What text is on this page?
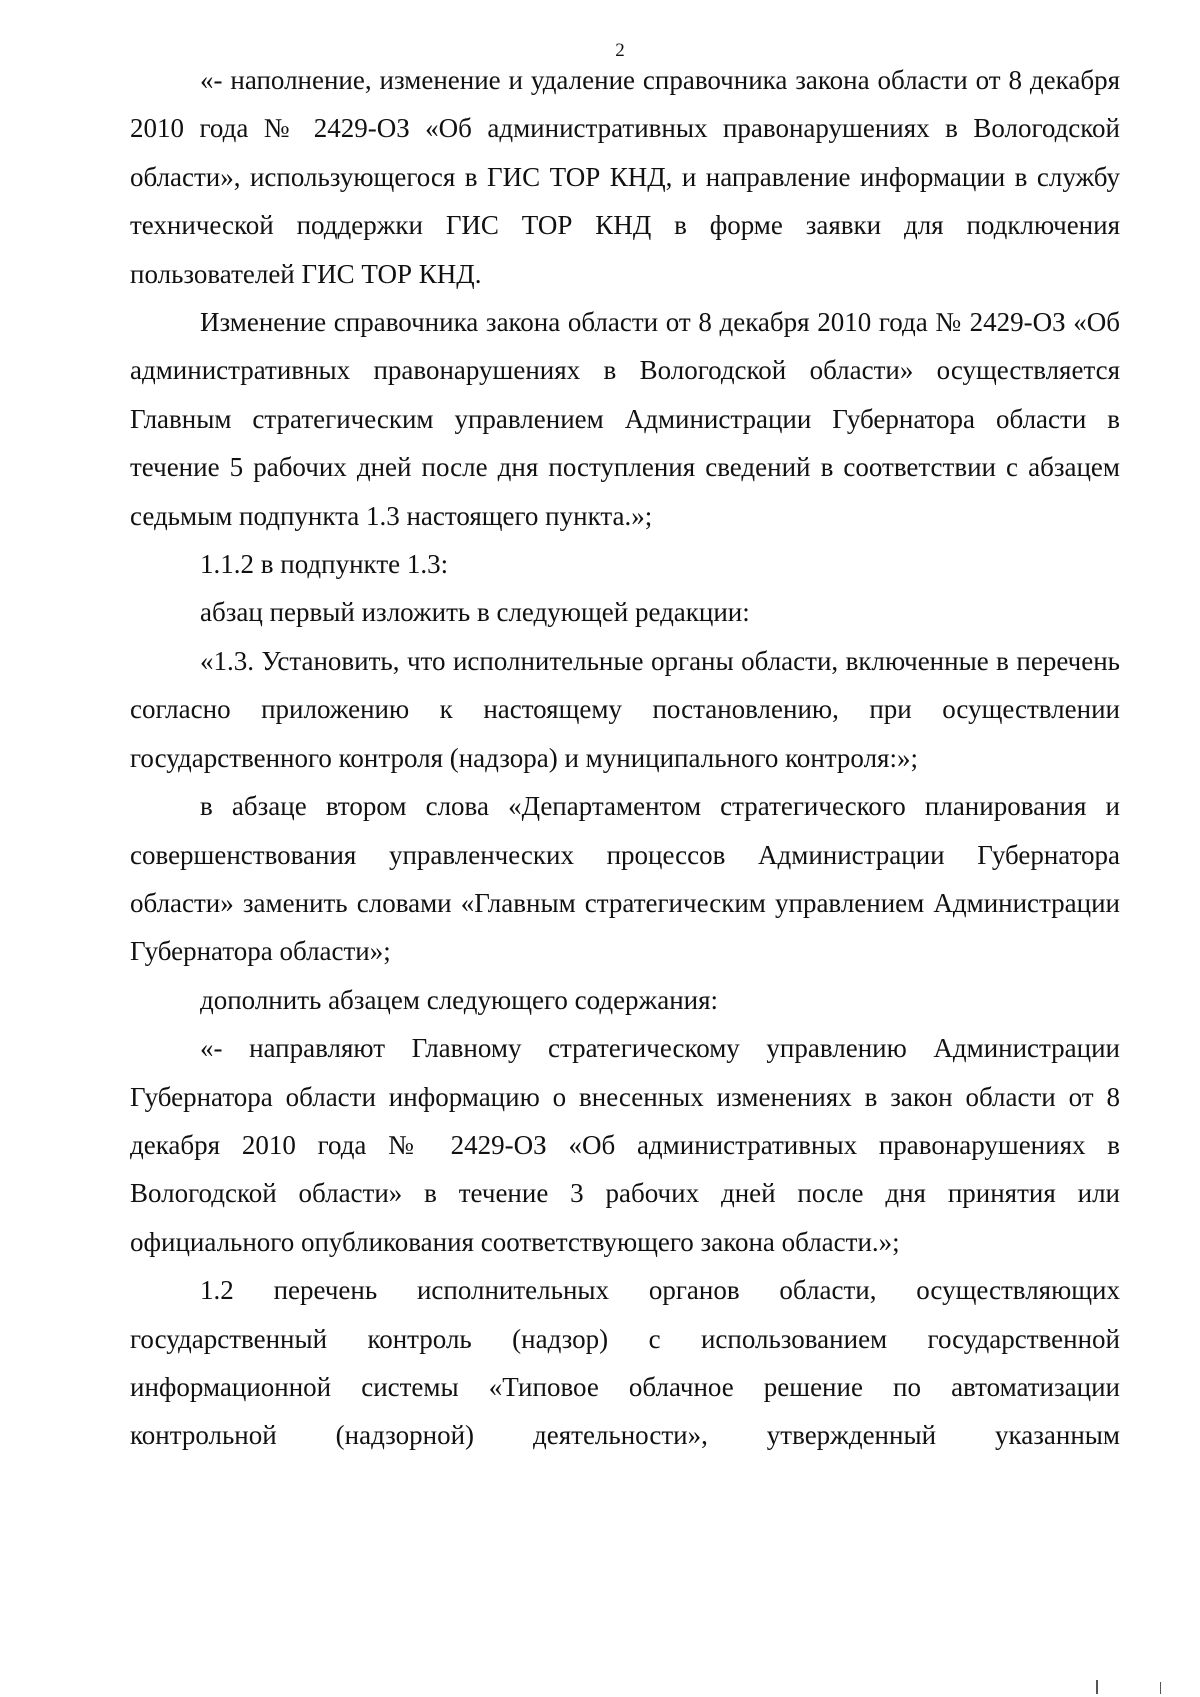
2

«- наполнение, изменение и удаление справочника закона области от 8 декабря 2010 года № 2429-ОЗ «Об административных правонарушениях в Вологодской области», использующегося в ГИС ТОР КНД, и направление информации в службу технической поддержки ГИС ТОР КНД в форме заявки для подключения пользователей ГИС ТОР КНД.

Изменение справочника закона области от 8 декабря 2010 года № 2429-ОЗ «Об административных правонарушениях в Вологодской области» осуществляется Главным стратегическим управлением Администрации Губернатора области в течение 5 рабочих дней после дня поступления сведений в соответствии с абзацем седьмым подпункта 1.3 настоящего пункта.»;

1.1.2 в подпункте 1.3:

абзац первый изложить в следующей редакции:

«1.3. Установить, что исполнительные органы области, включенные в перечень согласно приложению к настоящему постановлению, при осуществлении государственного контроля (надзора) и муниципального контроля:»;

в абзаце втором слова «Департаментом стратегического планирования и совершенствования управленческих процессов Администрации Губернатора области» заменить словами «Главным стратегическим управлением Администрации Губернатора области»;

дополнить абзацем следующего содержания:

«- направляют Главному стратегическому управлению Администрации Губернатора области информацию о внесенных изменениях в закон области от 8 декабря 2010 года № 2429-ОЗ «Об административных правонарушениях в Вологодской области» в течение 3 рабочих дней после дня принятия или официального опубликования соответствующего закона области.»;

1.2 перечень исполнительных органов области, осуществляющих государственный контроль (надзор) с использованием государственной информационной системы «Типовое облачное решение по автоматизации контрольной (надзорной) деятельности», утвержденный указанным
